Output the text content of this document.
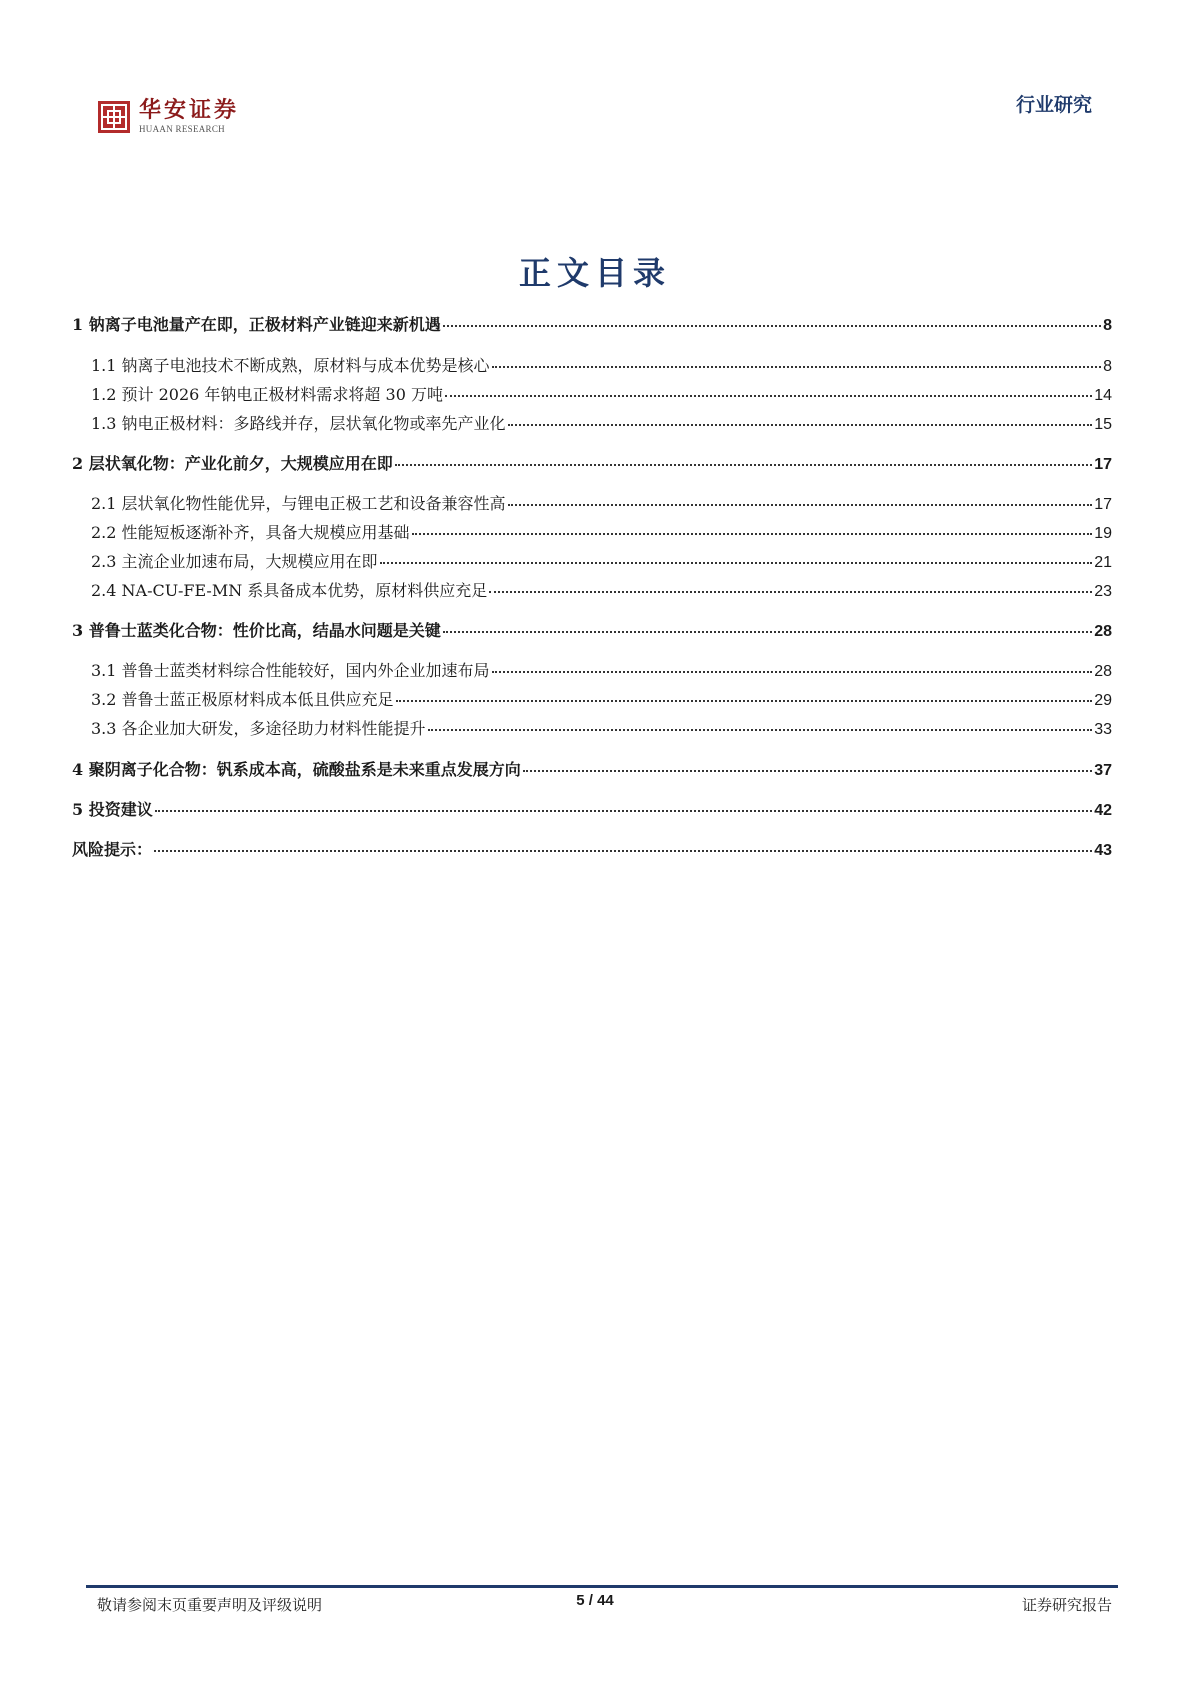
华安证券
HUAAN RESEARCH
行业研究
正文目录
1 钠离子电池量产在即，正极材料产业链迎来新机遇	8
1.1 钠离子电池技术不断成熟，原材料与成本优势是核心	8
1.2 预计 2026 年钠电正极材料需求将超 30 万吨	14
1.3 钠电正极材料：多路线并存，层状氧化物或率先产业化	15
2 层状氧化物：产业化前夕，大规模应用在即	17
2.1 层状氧化物性能优异，与锂电正极工艺和设备兼容性高	17
2.2 性能短板逐渐补齐，具备大规模应用基础	19
2.3 主流企业加速布局，大规模应用在即	21
2.4 NA-CU-FE-MN 系具备成本优势，原材料供应充足	23
3 普鲁士蓝类化合物：性价比高，结晶水问题是关键	28
3.1 普鲁士蓝类材料综合性能较好，国内外企业加速布局	28
3.2 普鲁士蓝正极原材料成本低且供应充足	29
3.3 各企业加大研发，多途径助力材料性能提升	33
4 聚阴离子化合物：钒系成本高，硫酸盐系是未来重点发展方向	37
5 投资建议	42
风险提示：	43
敬请参阅末页重要声明及评级说明	5 / 44	证券研究报告
